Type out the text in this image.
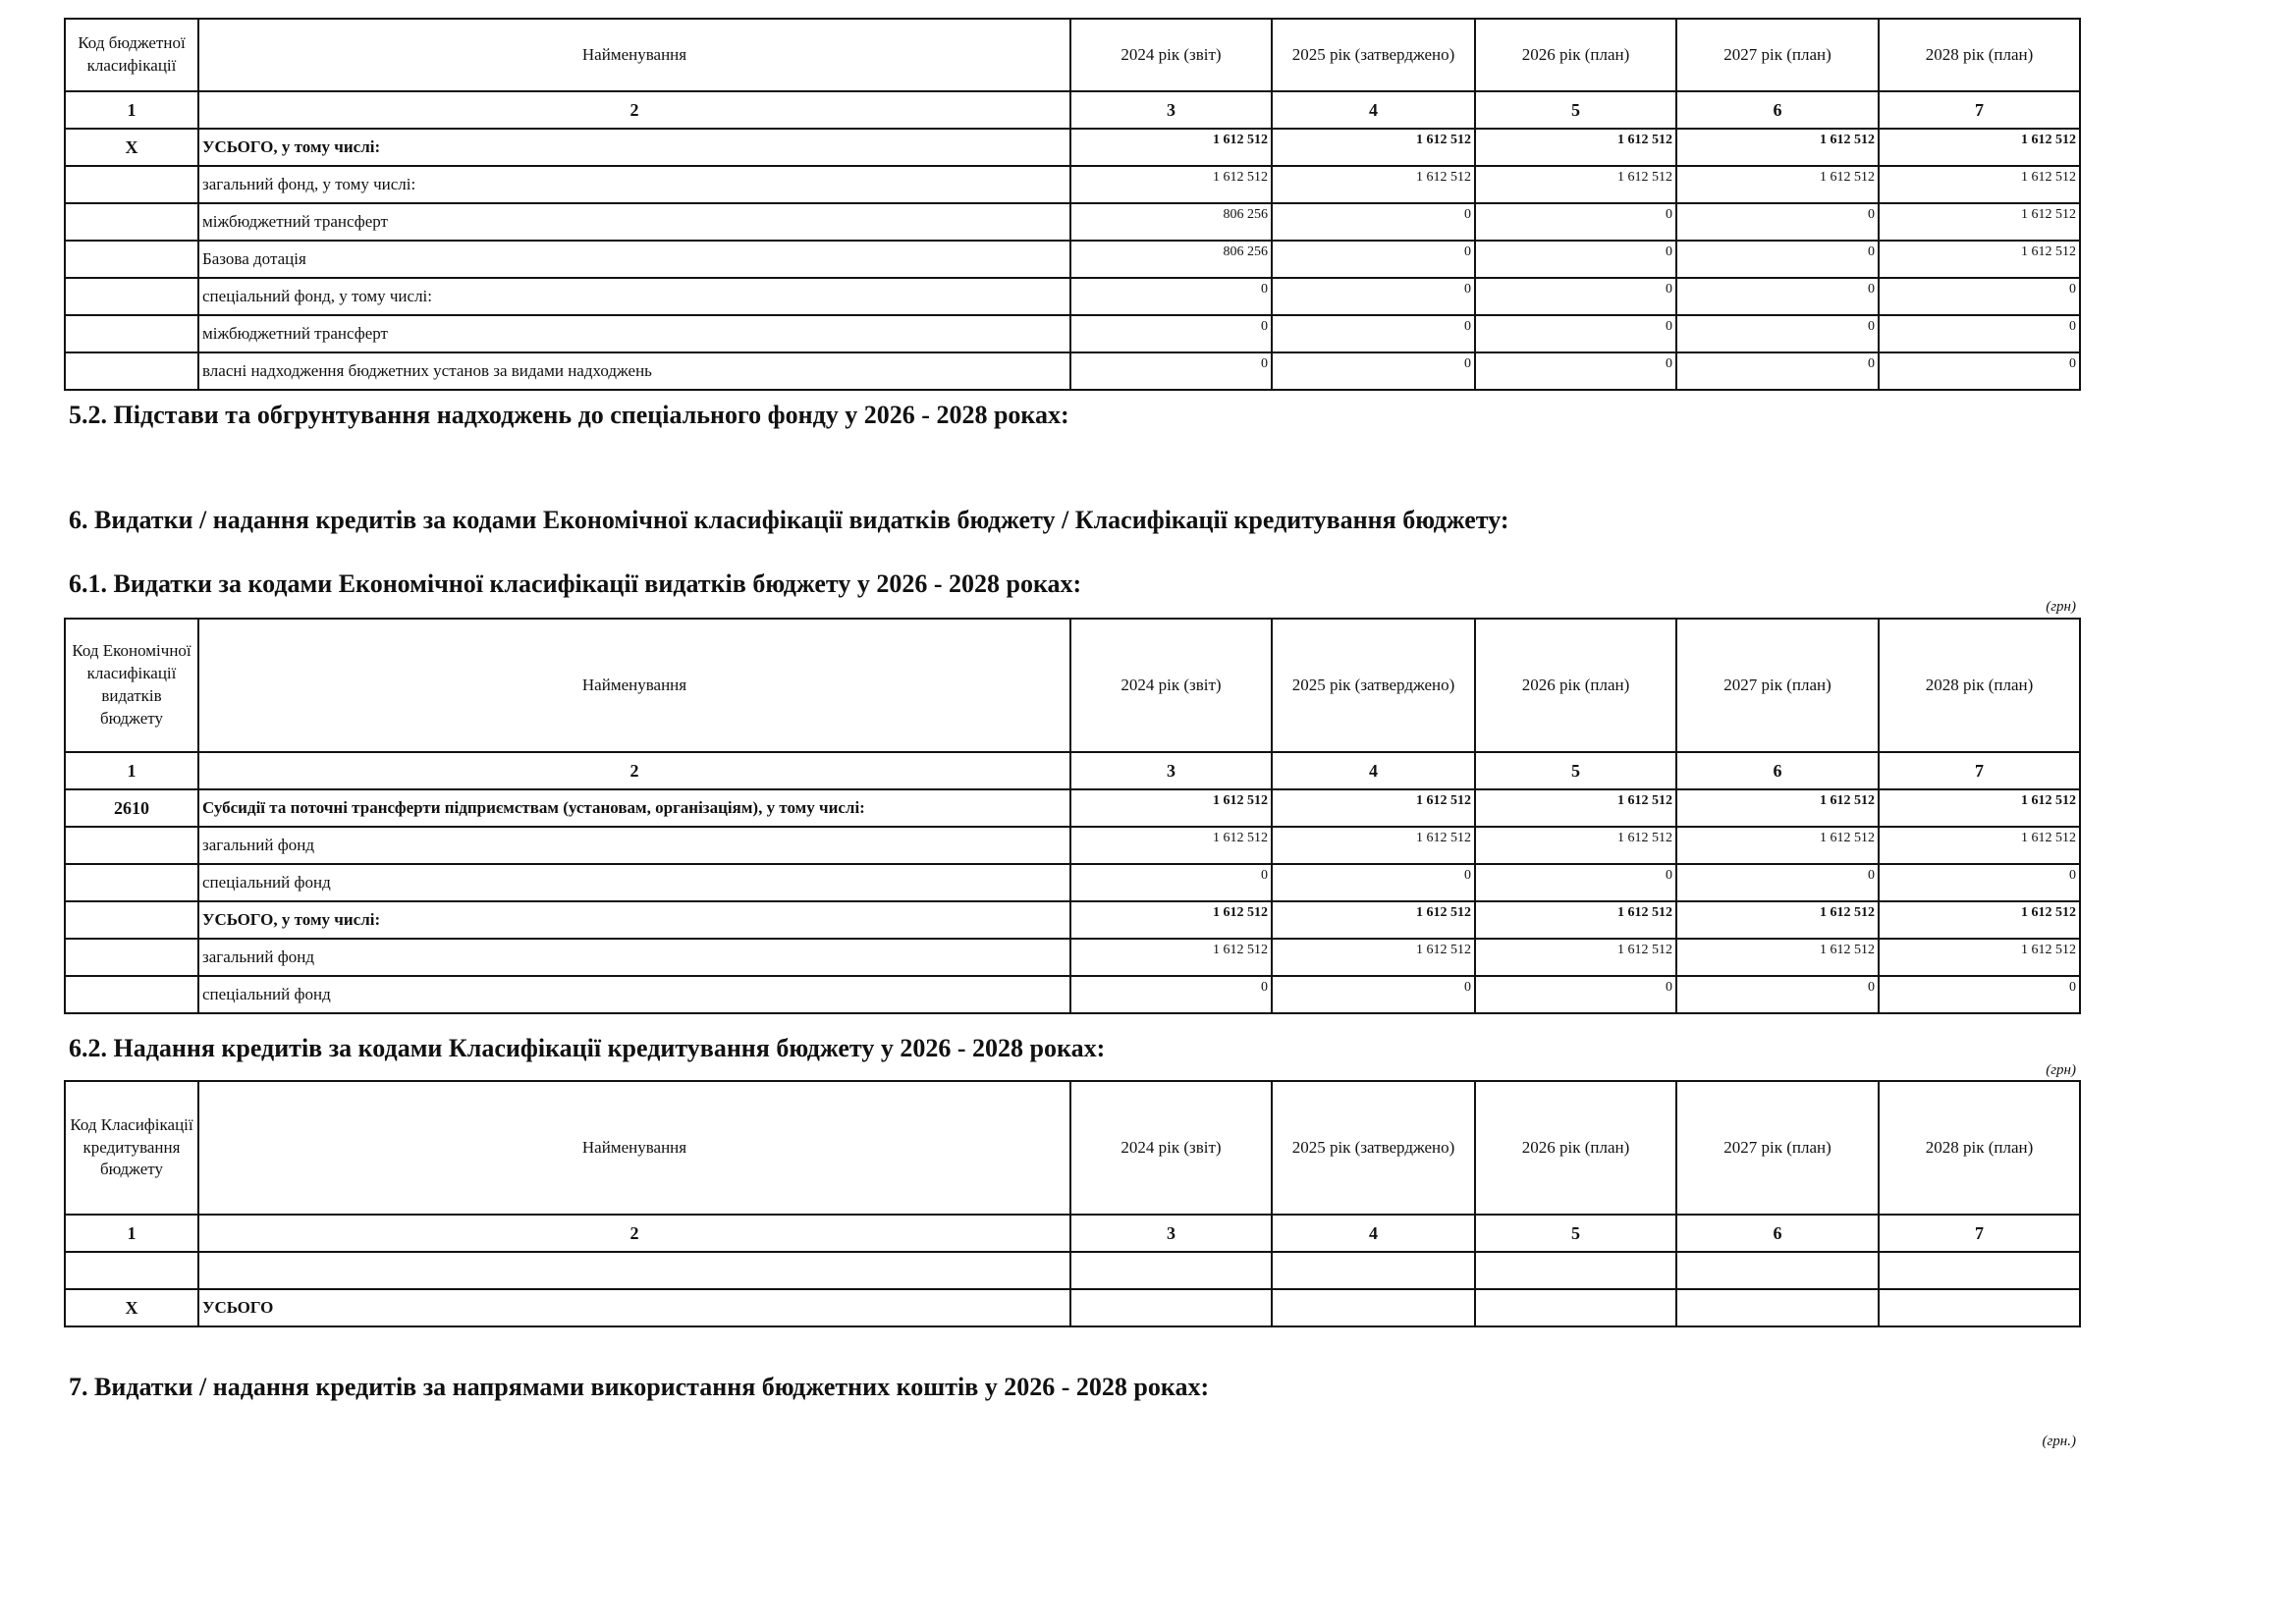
Код бюджетної класифікації	Найменування	2024 рік (звіт)	2025 рік (затверджено)	2026 рік (план)	2027 рік (план)	2028 рік (план)
1	2	3	4	5	6	7
X	УСЬОГО, у тому числі:	1 612 512	1 612 512	1 612 512	1 612 512	1 612 512
	загальний фонд, у тому числі:	1 612 512	1 612 512	1 612 512	1 612 512	1 612 512
	міжбюджетний трансферт	806 256	0	0	0	1 612 512
	Базова дотація	806 256	0	0	0	1 612 512
	спеціальний фонд, у тому числі:	0	0	0	0	0
	міжбюджетний трансферт	0	0	0	0	0
	власні надходження бюджетних установ за видами надходжень	0	0	0	0	0
5.2. Підстави та обгрунтування надходжень до спеціального фонду у 2026 - 2028 роках:
6. Видатки / надання кредитів за кодами Економічної класифікації видатків бюджету / Класифікації кредитування бюджету:
6.1. Видатки за кодами Економічної класифікації видатків бюджету у 2026 - 2028 роках:
(грн)
Код Економічної класифікації видатків бюджету	Найменування	2024 рік (звіт)	2025 рік (затверджено)	2026 рік (план)	2027 рік (план)	2028 рік (план)
1	2	3	4	5	6	7
2610	Субсидії та поточні трансферти підприємствам (установам, організаціям), у тому числі:	1 612 512	1 612 512	1 612 512	1 612 512	1 612 512
	загальний фонд	1 612 512	1 612 512	1 612 512	1 612 512	1 612 512
	спеціальний фонд	0	0	0	0	0
	УСЬОГО, у тому числі:	1 612 512	1 612 512	1 612 512	1 612 512	1 612 512
	загальний фонд	1 612 512	1 612 512	1 612 512	1 612 512	1 612 512
	спеціальний фонд	0	0	0	0	0
6.2. Надання кредитів за кодами Класифікації кредитування бюджету у 2026 - 2028 роках:
(грн)
Код Класифікації кредитування бюджету	Найменування	2024 рік (звіт)	2025 рік (затверджено)	2026 рік (план)	2027 рік (план)	2028 рік (план)
1	2	3	4	5	6	7

X	УСЬОГО					
7. Видатки / надання кредитів за напрямами використання бюджетних коштів у 2026 - 2028 роках:
(грн.)
